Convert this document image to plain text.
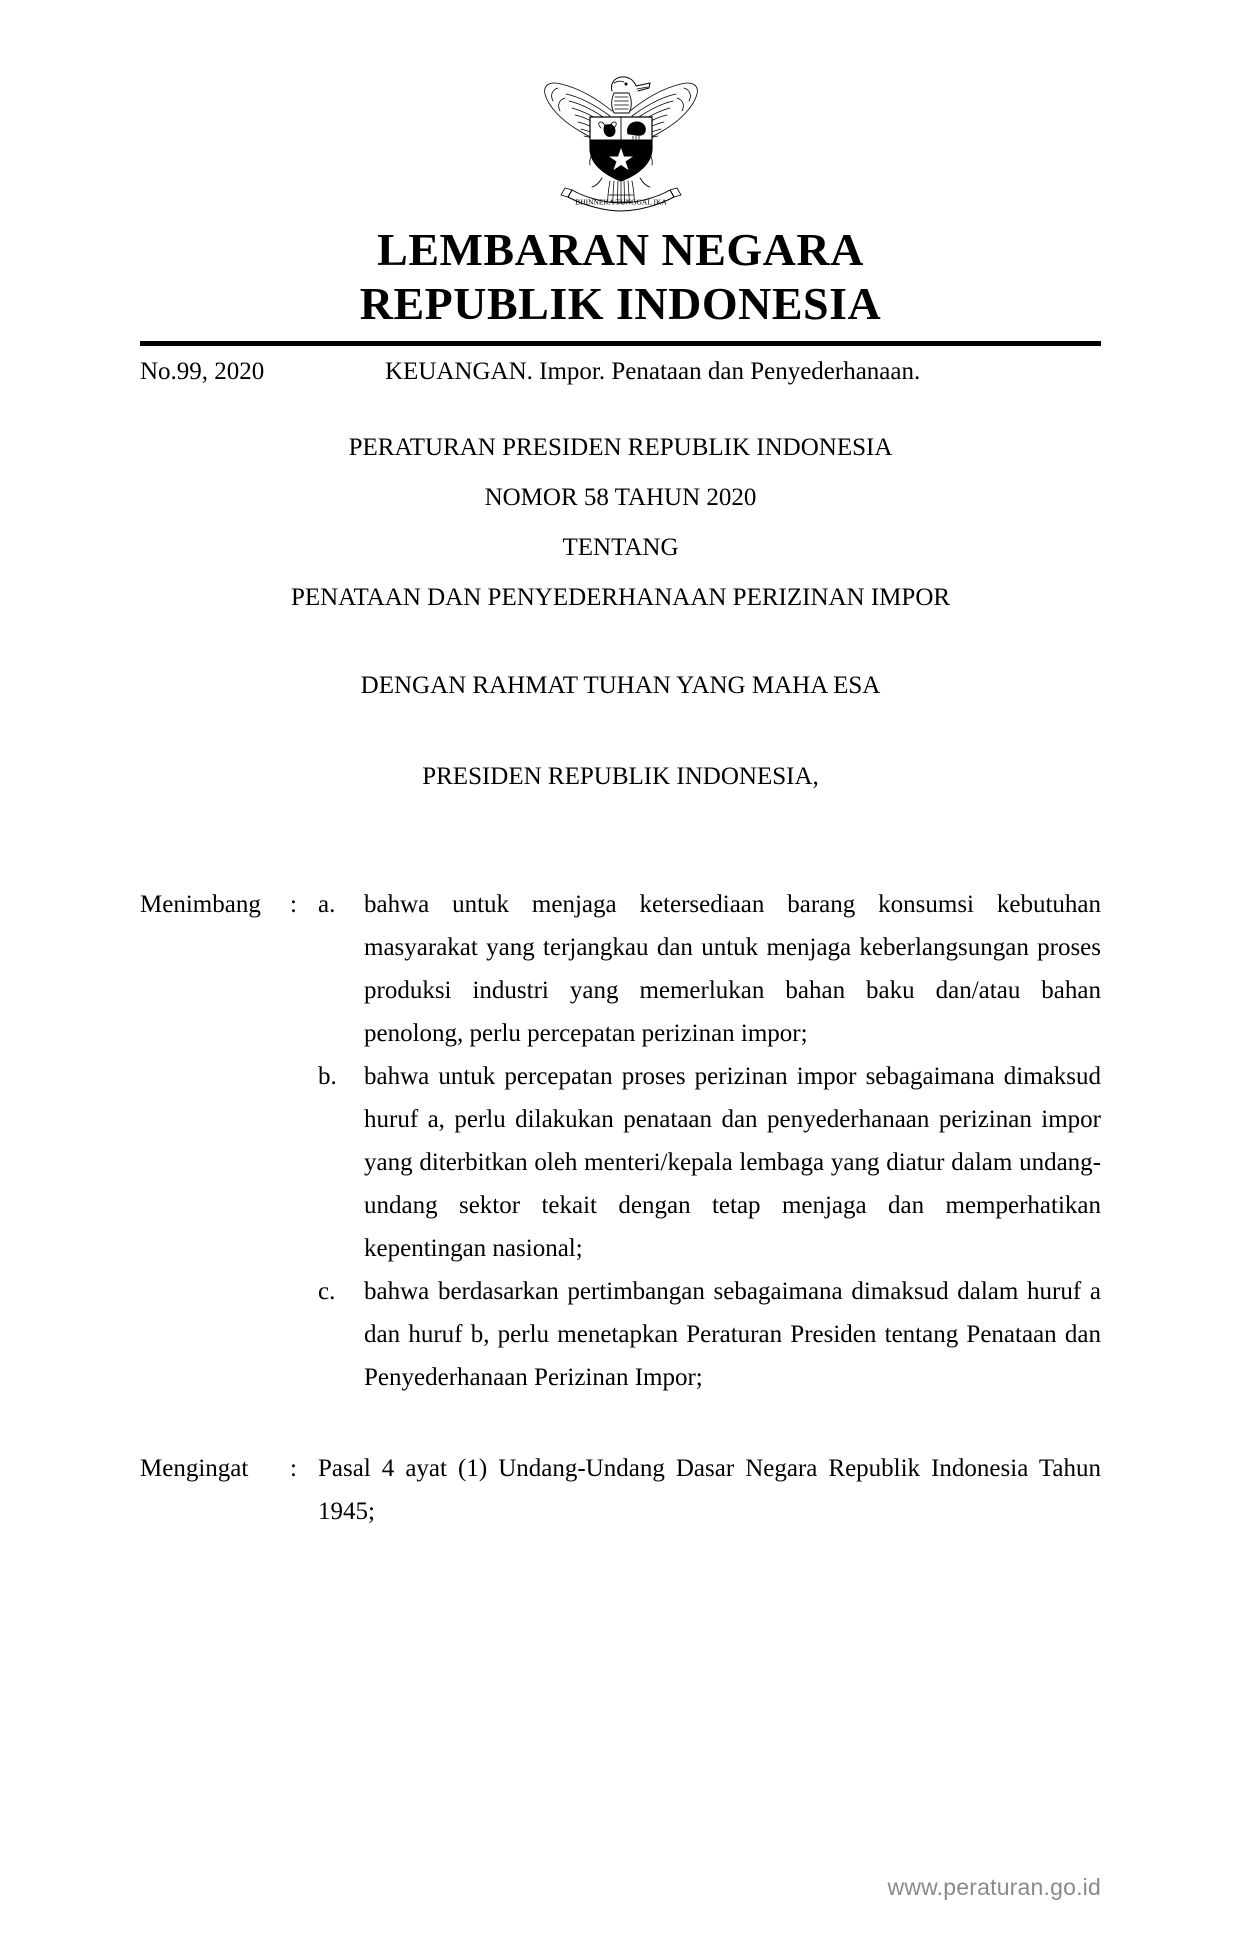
BHINNEKA TUNGGAL IKA
LEMBARAN NEGARA
REPUBLIK INDONESIA
No.99, 2020	KEUANGAN. Impor. Penataan dan Penyederhanaan.
PERATURAN PRESIDEN REPUBLIK INDONESIA
NOMOR 58 TAHUN 2020
TENTANG
PENATAAN DAN PENYEDERHANAAN PERIZINAN IMPOR
DENGAN RAHMAT TUHAN YANG MAHA ESA
PRESIDEN REPUBLIK INDONESIA,
Menimbang	: a.	bahwa untuk menjaga ketersediaan barang konsumsi kebutuhan masyarakat yang terjangkau dan untuk menjaga keberlangsungan proses produksi industri yang memerlukan bahan baku dan/atau bahan penolong, perlu percepatan perizinan impor;
b.	bahwa untuk percepatan proses perizinan impor sebagaimana dimaksud huruf a, perlu dilakukan penataan dan penyederhanaan perizinan impor yang diterbitkan oleh menteri/kepala lembaga yang diatur dalam undang-undang sektor tekait dengan tetap menjaga dan memperhatikan kepentingan nasional;
c.	bahwa berdasarkan pertimbangan sebagaimana dimaksud dalam huruf a dan huruf b, perlu menetapkan Peraturan Presiden tentang Penataan dan Penyederhanaan Perizinan Impor;
Mengingat	: Pasal 4 ayat (1) Undang-Undang Dasar Negara Republik Indonesia Tahun 1945;
www.peraturan.go.id
